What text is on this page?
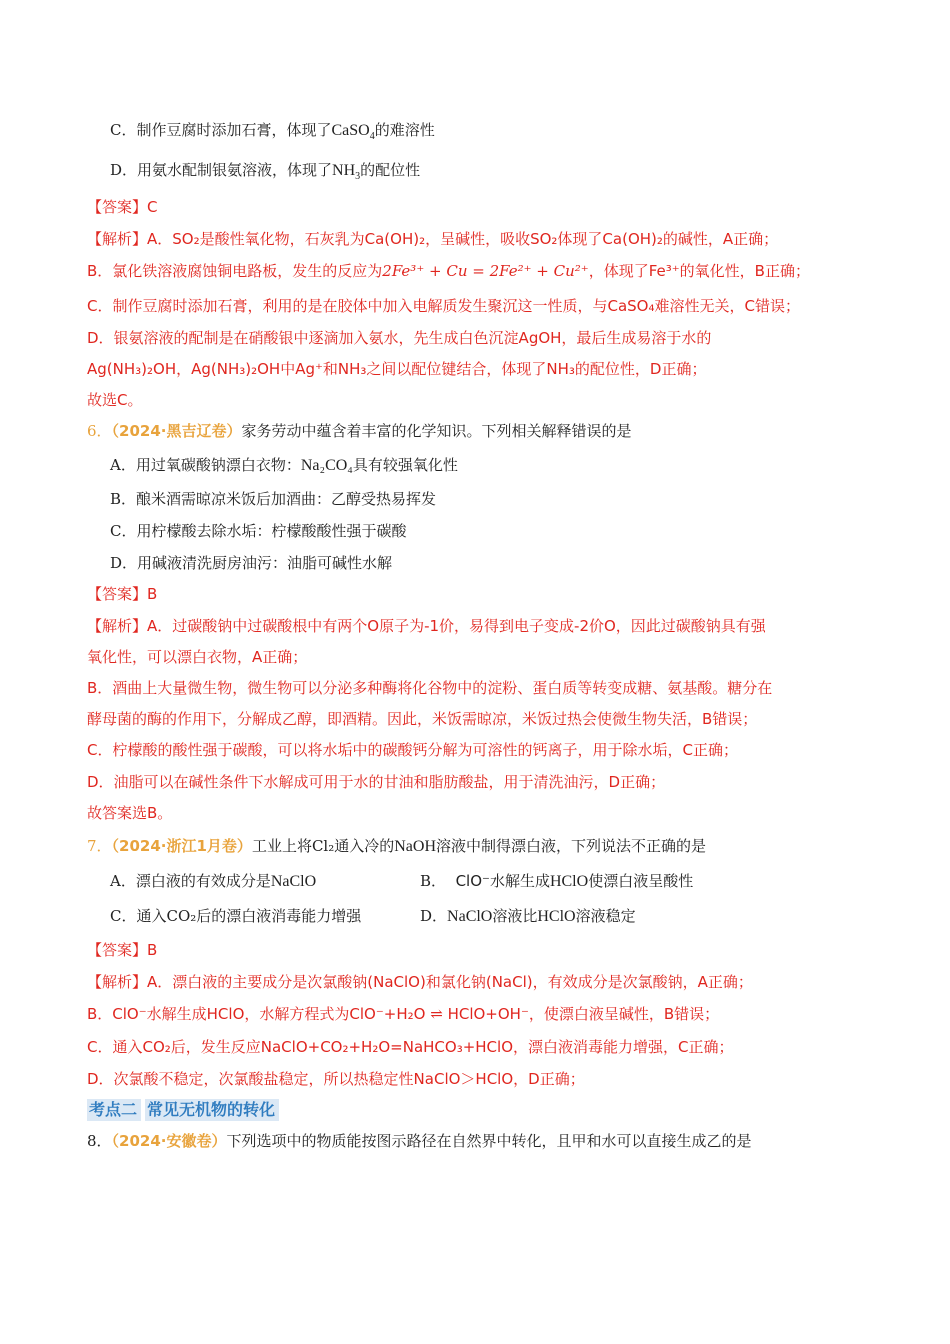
C．制作豆腐时添加石膏，体现了CaSO$_4$的难溶性
D．用氨水配制银氨溶液，体现了$NH_3$的配位性
【答案】C
【解析】A．SO₂是酸性氧化物，石灰乳为Ca(OH)₂，呈碱性，吸收SO₂体现了Ca(OH)₂的碱性，A正确；
B．氯化铁溶液腐蚀铜电路板，发生的反应为2Fe³⁺ + Cu = 2Fe²⁺ + Cu²⁺，体现了Fe³⁺的氧化性，B正确；
C．制作豆腐时添加石膏，利用的是在胶体中加入电解质发生聚沉这一性质，与CaSO₄难溶性无关，C错误；
D．银氨溶液的配制是在硝酸银中逐滴加入氨水，先生成白色沉淀AgOH，最后生成易溶于水的
Ag(NH₃)₂OH，Ag(NH₃)₂OH中Ag⁺和NH₃之间以配位键结合，体现了NH₃的配位性，D正确；
故选C。
6．（2024·黑吉辽卷）家务劳动中蕴含着丰富的化学知识。下列相关解释错误的是
A．用过氧碳酸钠漂白衣物：Na₂CO₄具有较强氧化性
B．酿米酒需晾凉米饭后加酒曲：乙醇受热易挥发
C．用柠檬酸去除水垢：柠檬酸酸性强于碳酸
D．用碱液清洗厨房油污：油脂可碱性水解
【答案】B
【解析】A．过碳酸钠中过碳酸根中有两个O原子为-1价，易得到电子变成-2价O，因此过碳酸钠具有强
氧化性，可以漂白衣物，A正确；
B．酒曲上大量微生物，微生物可以分泌多种酶将化谷物中的淀粉、蛋白质等转变成糖、氨基酸。糖分在
酵母菌的酶的作用下，分解成乙醇，即酒精。因此，米饭需晾凉，米饭过热会使微生物失活，B错误；
C．柠檬酸的酸性强于碳酸，可以将水垢中的碳酸钙分解为可溶性的钙离子，用于除水垢，C正确；
D．油脂可以在碱性条件下水解成可用于水的甘油和脂肪酸盐，用于清洗油污，D正确；
故答案选B。
7．（2024·浙江1月卷）工业上将Cl₂通入冷的NaOH溶液中制得漂白液，下列说法不正确的是
A．漂白液的有效成分是NaClO	B． ClO⁻水解生成HClO使漂白液呈酸性
C．通入CO₂后的漂白液消毒能力增强	D．NaClO溶液比HClO溶液稳定
【答案】B
【解析】A．漂白液的主要成分是次氯酸钠(NaClO)和氯化钠(NaCl)，有效成分是次氯酸钠，A正确；
B．ClO⁻水解生成HClO，水解方程式为ClO⁻+H₂O ⇌ HClO+OH⁻，使漂白液呈碱性，B错误；
C．通入CO₂后，发生反应NaClO+CO₂+H₂O=NaHCO₃+HClO，漂白液消毒能力增强，C正确；
D．次氯酸不稳定，次氯酸盐稳定，所以热稳定性NaClO＞HClO，D正确；
考点二 常见无机物的转化
8．（2024·安徽卷）下列选项中的物质能按图示路径在自然界中转化，且甲和水可以直接生成乙的是
